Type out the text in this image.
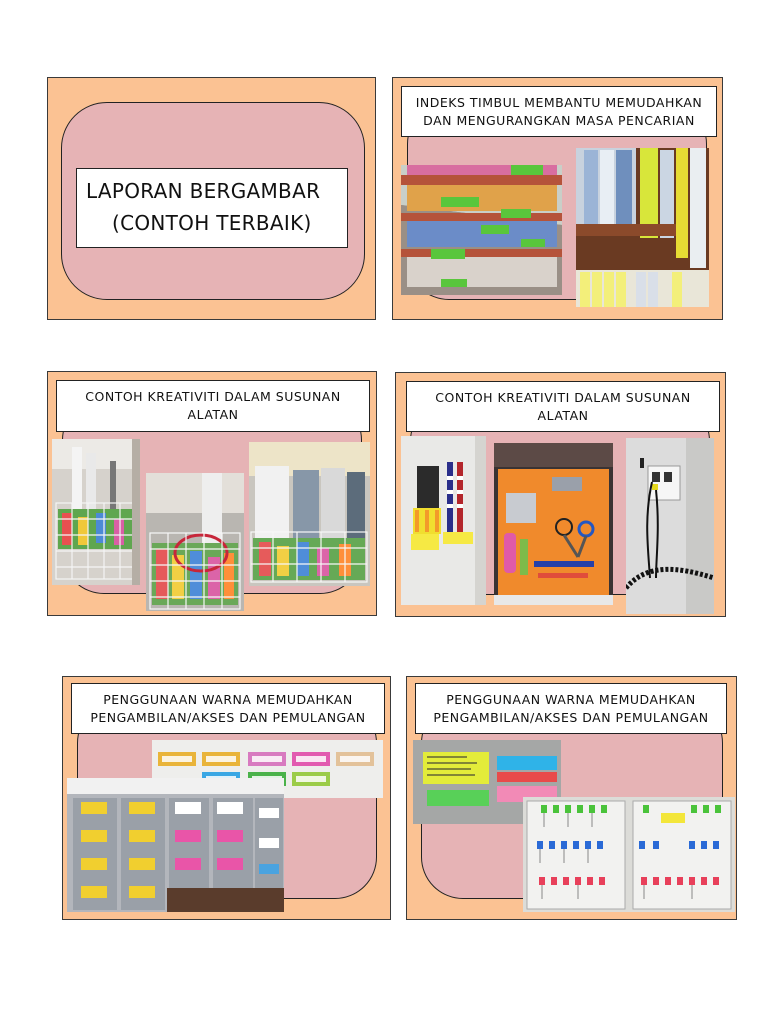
LAPORAN BERGAMBAR
(CONTOH TERBAIK)
INDEKS TIMBUL MEMBANTU MEMUDAHKAN
DAN MENGURANGKAN MASA PENCARIAN
CONTOH KREATIVITI DALAM SUSUNAN
ALATAN
CONTOH KREATIVITI DALAM SUSUNAN
ALATAN
PENGGUNAAN WARNA MEMUDAHKAN
PENGAMBILAN/AKSES DAN PEMULANGAN
PENGGUNAAN WARNA MEMUDAHKAN
PENGAMBILAN/AKSES DAN PEMULANGAN
